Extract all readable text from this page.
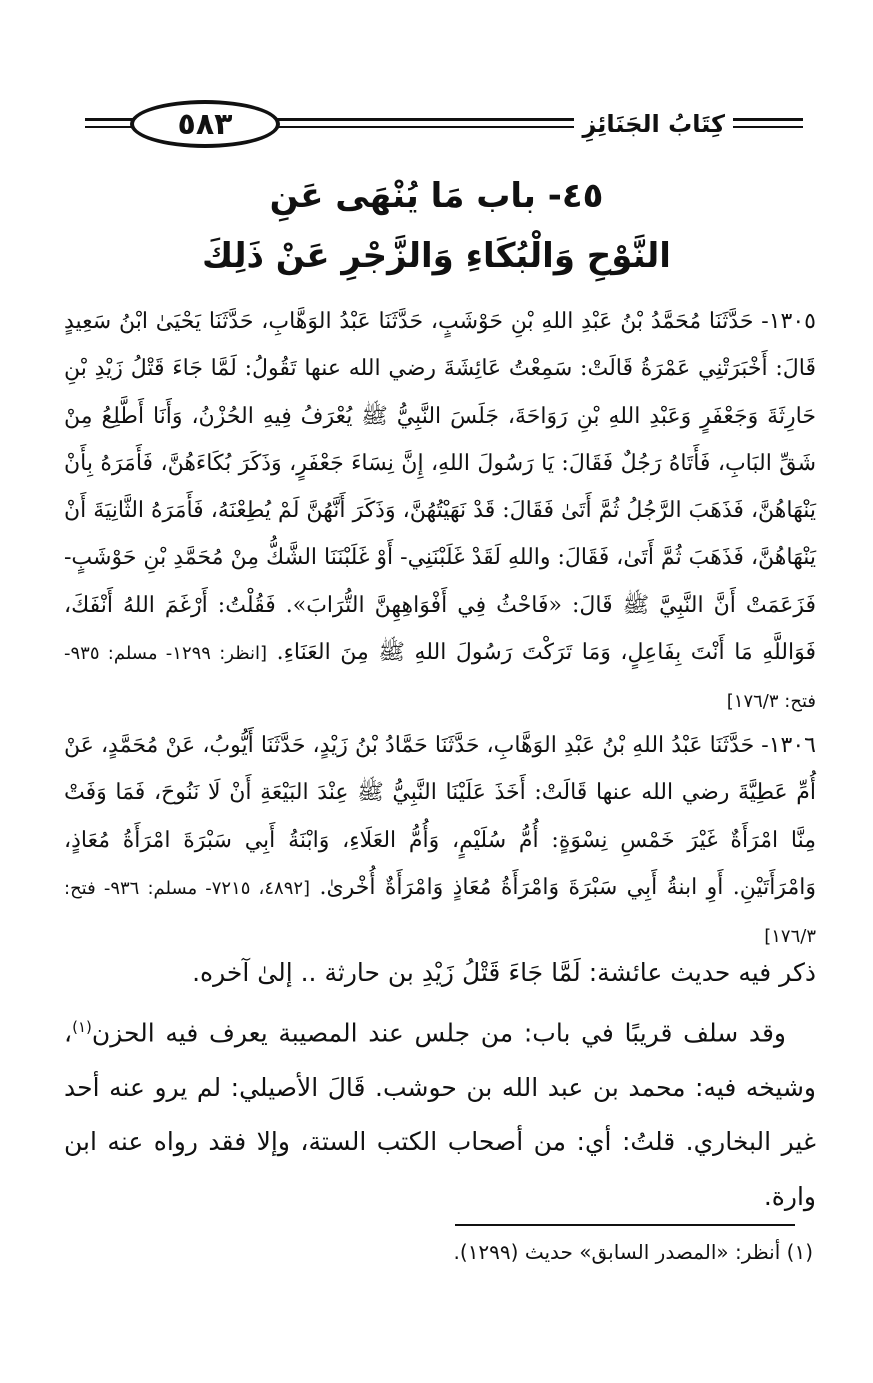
٥٨٣	كِتَابُ الجَنَائِزِ
٤٥- باب مَا يُنْهَى عَنِ
النَّوْحِ وَالْبُكَاءِ وَالزَّجْرِ عَنْ ذَلِكَ
١٣٠٥- حَدَّثَنَا مُحَمَّدُ بْنُ عَبْدِ اللهِ بْنِ حَوْشَبٍ، حَدَّثَنَا عَبْدُ الوَهَّابِ، حَدَّثَنَا يَحْيَىٰ ابْنُ سَعِيدٍ قَالَ: أَخْبَرَتْنِي عَمْرَةُ قَالَتْ: سَمِعْتُ عَائِشَةَ رضي الله عنها تَقُولُ: لَمَّا جَاءَ قَتْلُ زَيْدِ بْنِ حَارِثَةَ وَجَعْفَرٍ وَعَبْدِ اللهِ بْنِ رَوَاحَةَ، جَلَسَ النَّبِيُّ ﷺ يُعْرَفُ فِيهِ الحُزْنُ، وَأَنَا أَطَّلِعُ مِنْ شَقِّ البَابِ، فَأَتَاهُ رَجُلٌ فَقَالَ: يَا رَسُولَ اللهِ، إِنَّ نِسَاءَ جَعْفَرٍ، وَذَكَرَ بُكَاءَهُنَّ، فَأَمَرَهُ بِأَنْ يَنْهَاهُنَّ، فَذَهَبَ الرَّجُلُ ثُمَّ أَتَىٰ فَقَالَ: قَدْ نَهَيْتُهُنَّ، وَذَكَرَ أَنَّهُنَّ لَمْ يُطِعْنَهُ، فَأَمَرَهُ الثَّانِيَةَ أَنْ يَنْهَاهُنَّ، فَذَهَبَ ثُمَّ أَتَىٰ، فَقَالَ: واللهِ لَقَدْ غَلَبْنَنِي- أَوْ غَلَبْنَنَا الشَّكُّ مِنْ مُحَمَّدِ بْنِ حَوْشَبٍ- فَزَعَمَتْ أَنَّ النَّبِيَّ ﷺ قَالَ: «فَاحْثُ فِي أَفْوَاهِهِنَّ التُّرَابَ». فَقُلْتُ: أَرْغَمَ اللهُ أَنْفَكَ، فَوَاللَّهِ مَا أَنْتَ بِفَاعِلٍ، وَمَا تَرَكْتَ رَسُولَ اللهِ ﷺ مِنَ العَنَاءِ. [انظر: ١٢٩٩- مسلم: ٩٣٥- فتح: ١٧٦/٣]
١٣٠٦- حَدَّثَنَا عَبْدُ اللهِ بْنُ عَبْدِ الوَهَّابِ، حَدَّثَنَا حَمَّادُ بْنُ زَيْدٍ، حَدَّثَنَا أَيُّوبُ، عَنْ مُحَمَّدٍ، عَنْ أُمِّ عَطِيَّةَ رضي الله عنها قَالَتْ: أَخَذَ عَلَيْنَا النَّبِيُّ ﷺ عِنْدَ البَيْعَةِ أَنْ لَا نَنُوحَ، فَمَا وَفَتْ مِنَّا امْرَأَةٌ غَيْرَ خَمْسِ نِسْوَةٍ: أُمُّ سُلَيْمٍ، وَأُمُّ العَلَاءِ، وَابْنَةُ أَبِي سَبْرَةَ امْرَأَةُ مُعَاذٍ، وَامْرَأَتَيْنِ. أَوِ ابنةُ أَبِي سَبْرَةَ وَامْرَأَةُ مُعَاذٍ وَامْرَأَةٌ أُخْرىٰ. [٤٨٩٢، ٧٢١٥- مسلم: ٩٣٦- فتح: ١٧٦/٣]
ذكر فيه حديث عائشة: لَمَّا جَاءَ قَتْلُ زَيْدِ بن حارثة .. إلىٰ آخره.
وقد سلف قريبًا في باب: من جلس عند المصيبة يعرف فيه الحزن$^{(١)}$، وشيخه فيه: محمد بن عبد الله بن حوشب. قَالَ الأصيلي: لم يرو عنه أحد غير البخاري. قلتُ: أي: من أصحاب الكتب الستة، وإلا فقد رواه عنه ابن وارة.
(١) أنظر: «المصدر السابق» حديث (١٢٩٩).
